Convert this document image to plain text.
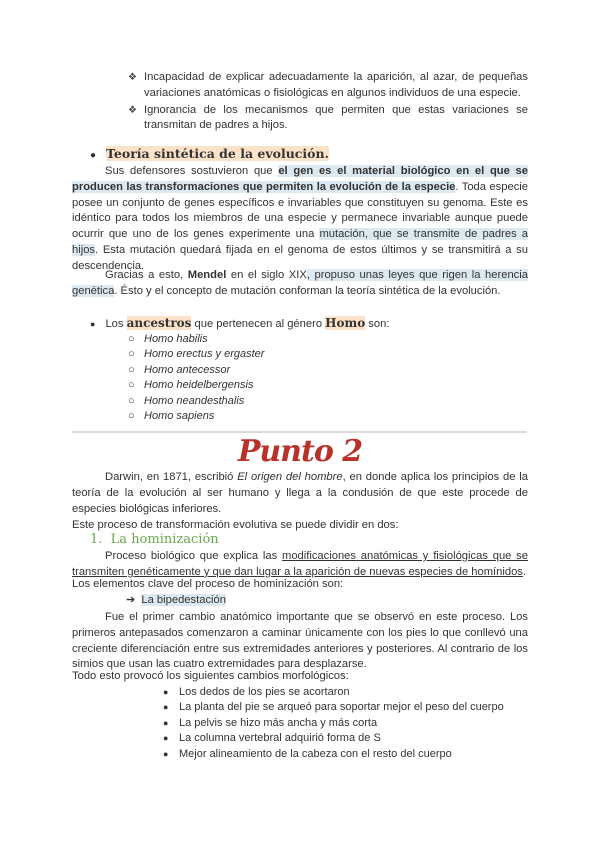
❖ Incapacidad de explicar adecuadamente la aparición, al azar, de pequeñas variaciones anatómicas o fisiológicas en algunos individuos de una especie.
❖ Ignorancia de los mecanismos que permiten que estas variaciones se transmitan de padres a hijos.
● Teoría sintética de la evolución.
Sus defensores sostuvieron que el gen es el material biológico en el que se producen las transformaciones que permiten la evolución de la especie. Toda especie posee un conjunto de genes específicos e invariables que constituyen su genoma. Este es idéntico para todos los miembros de una especie y permanece invariable aunque puede ocurrir que uno de los genes experimente una mutación, que se transmite de padres a hijos. Esta mutación quedará fijada en el genoma de estos últimos y se transmitirá a su descendencia.
Gracias a esto, Mendel en el siglo XIX, propuso unas leyes que rigen la herencia genética. Ésto y el concepto de mutación conforman la teoría sintética de la evolución.
● Los ancestros que pertenecen al género Homo son:
○ Homo habilis
○ Homo erectus y ergaster
○ Homo antecessor
○ Homo heidelbergensis
○ Homo neandesthalis
○ Homo sapiens
Punto 2
Darwin, en 1871, escribió El origen del hombre, en donde aplica los principios de la teoría de la evolución al ser humano y llega a la condusión de que este procede de especies biológicas inferiores.
Este proceso de transformación evolutiva se puede dividir en dos:
1. La hominización
Proceso biológico que explica las modificaciones anatómicas y fisiológicas que se transmiten genéticamente y que dan lugar a la aparición de nuevas especies de homínidos.
Los elementos clave del proceso de hominización son:
➔ La bipedestación
Fue el primer cambio anatómico importante que se observó en este proceso. Los primeros antepasados comenzaron a caminar únicamente con los pies lo que conllevó una creciente diferenciación entre sus extremidades anteriores y posteriores. Al contrario de los simios que usan las cuatro extremidades para desplazarse.
Todo esto provocó los siguientes cambios morfológicos:
● Los dedos de los pies se acortaron
● La planta del pie se arqueó para soportar mejor el peso del cuerpo
● La pelvis se hizo más ancha y más corta
● La columna vertebral adquirió forma de S
● Mejor alineamiento de la cabeza con el resto del cuerpo
